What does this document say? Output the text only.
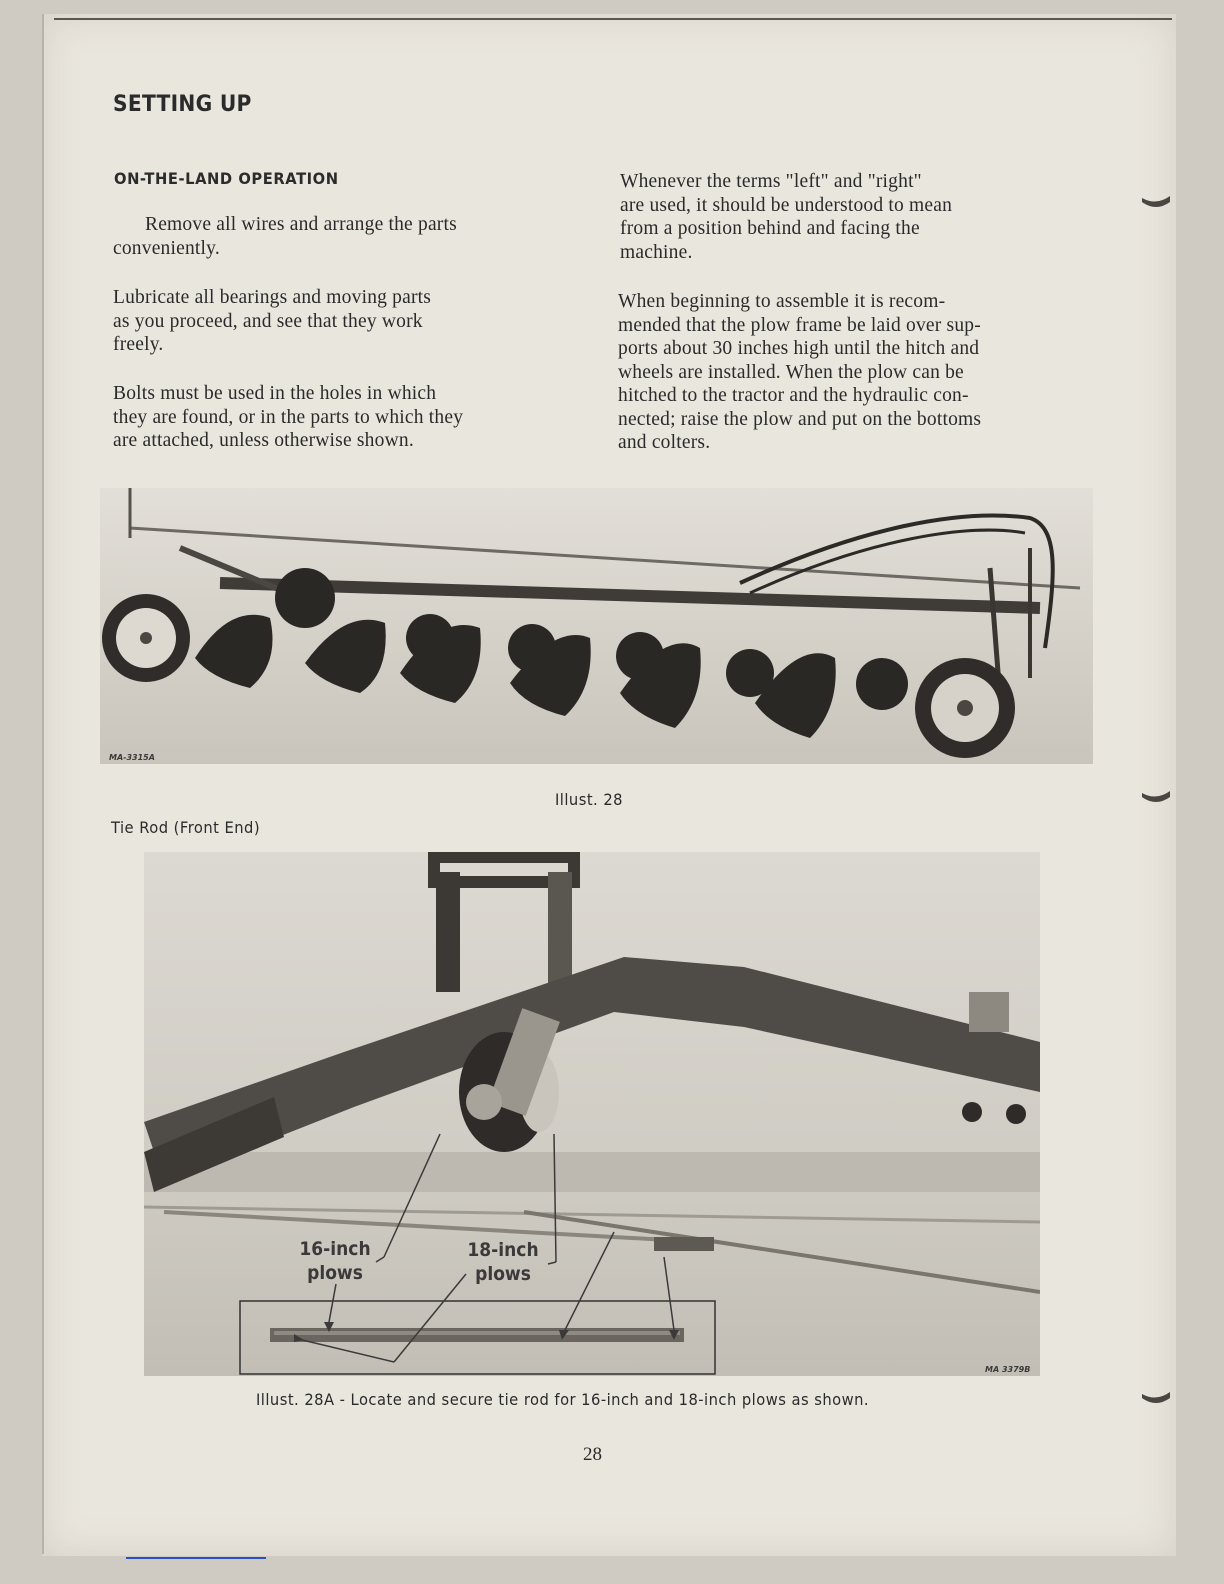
SETTING UP
ON-THE-LAND OPERATION
Remove all wires and arrange the parts
conveniently.
Lubricate all bearings and moving parts
as you proceed, and see that they work
freely.
Bolts must be used in the holes in which
they are found, or in the parts to which they
are attached, unless otherwise shown.
Whenever the terms "left" and "right"
are used, it should be understood to mean
from a position behind and facing the
machine.
When beginning to assemble it is recom-
mended that the plow frame be laid over sup-
ports about 30 inches high until the hitch and
wheels are installed. When the plow can be
hitched to the tractor and the hydraulic con-
nected; raise the plow and put on the bottoms
and colters.
MA-3315A
Illust. 28
Tie Rod (Front End)
16-inch
plows
18-inch
plows
MA 3379B
Illust. 28A - Locate and secure tie rod for 16-inch and 18-inch plows as shown.
28
